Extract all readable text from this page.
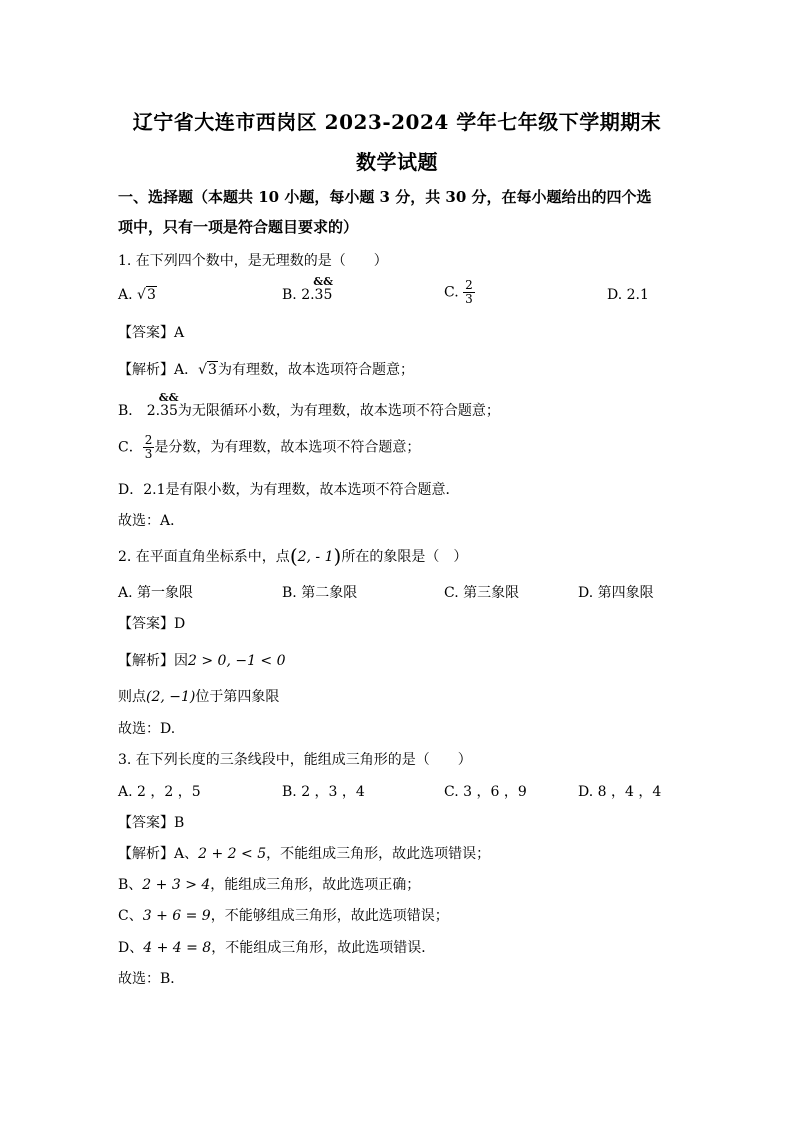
辽宁省大连市西岗区 2023-2024 学年七年级下学期期末
数学试题
一、选择题（本题共 10 小题，每小题 3 分，共 30 分，在每小题给出的四个选
项中，只有一项是符合题目要求的）
1. 在下列四个数中，是无理数的是（　　）
A. √3	B. 2.35
&&
C. $\frac{2}{3}$	D. 2.1
【答案】A
【解析】A．√3为有理数，故本选项符合题意；
B． 2.35
&&
为无限循环小数，为有理数，故本选项不符合题意；
C． $\frac{2}{3}$ 是分数，为有理数，故本选项不符合题意；
D．2.1是有限小数，为有理数，故本选项不符合题意．
故选：A．
2. 在平面直角坐标系中，点(2, - 1)所在的象限是（　）
A. 第一象限	B. 第二象限	C. 第三象限	D. 第四象限
【答案】D
【解析】因2 > 0, −1 < 0
则点(2, −1)位于第四象限
故选：D.
3. 在下列长度的三条线段中，能组成三角形的是（　　）
A. 2 ，2 ，5	B. 2 ，3 ，4	C. 3 ，6 ，9	D. 8 ，4 ，4
【答案】B
【解析】A、2 + 2 < 5，不能组成三角形，故此选项错误；
B、2 + 3 > 4，能组成三角形，故此选项正确；
C、3 + 6 = 9，不能够组成三角形，故此选项错误；
D、4 + 4 = 8，不能组成三角形，故此选项错误．
故选：B．
